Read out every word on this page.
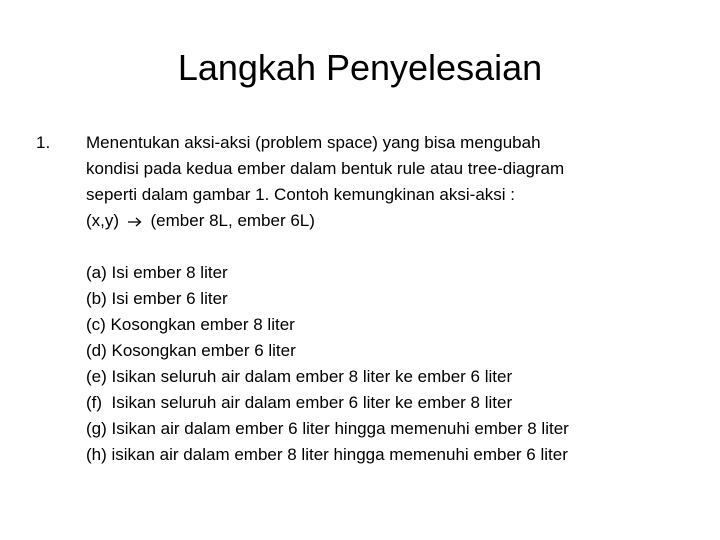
Langkah Penyelesaian
1.	Menentukan aksi-aksi (problem space) yang bisa mengubah
kondisi pada kedua ember dalam bentuk rule atau tree-diagram
seperti dalam gambar 1. Contoh kemungkinan aksi-aksi :
(x,y) (ember 8L, ember 6L)
(a) Isi ember 8 liter
(b) Isi ember 6 liter
(c) Kosongkan ember 8 liter
(d) Kosongkan ember 6 liter
(e) Isikan seluruh air dalam ember 8 liter ke ember 6 liter
(f)  Isikan seluruh air dalam ember 6 liter ke ember 8 liter
(g) Isikan air dalam ember 6 liter hingga memenuhi ember 8 liter
(h) isikan air dalam ember 8 liter hingga memenuhi ember 6 liter
